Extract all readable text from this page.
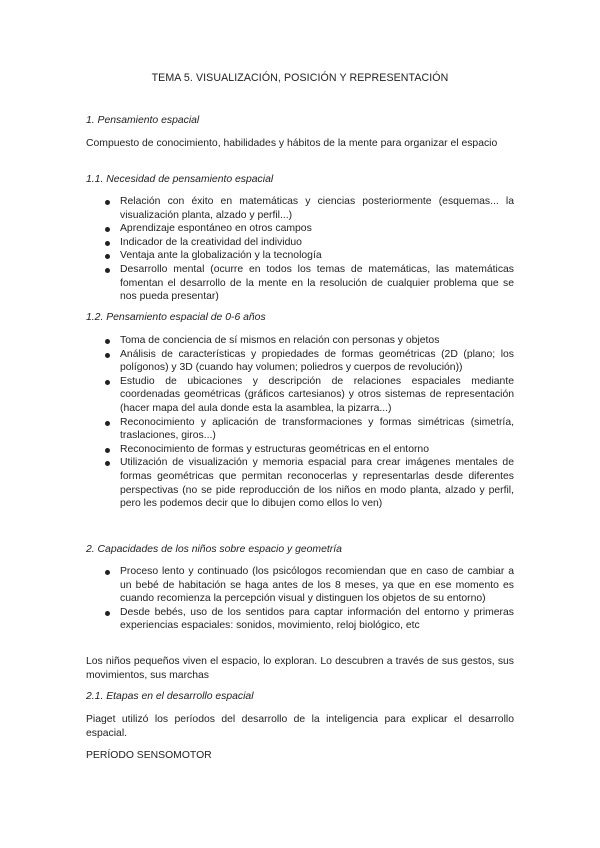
TEMA 5. VISUALIZACIÓN, POSICIÓN Y REPRESENTACIÓN
1. Pensamiento espacial
Compuesto de conocimiento, habilidades y hábitos de la mente para organizar el espacio
1.1. Necesidad de pensamiento espacial
Relación con éxito en matemáticas y ciencias posteriormente (esquemas... la visualización planta, alzado y perfil...)
Aprendizaje espontáneo en otros campos
Indicador de la creatividad del individuo
Ventaja ante la globalización y la tecnología
Desarrollo mental (ocurre en todos los temas de matemáticas, las matemáticas fomentan el desarrollo de la mente en la resolución de cualquier problema que se nos pueda presentar)
1.2. Pensamiento espacial de 0-6 años
Toma de conciencia de sí mismos en relación con personas y objetos
Análisis de características y propiedades de formas geométricas (2D (plano; los polígonos) y 3D (cuando hay volumen; poliedros y cuerpos de revolución))
Estudio de ubicaciones y descripción de relaciones espaciales mediante coordenadas geométricas (gráficos cartesianos) y otros sistemas de representación (hacer mapa del aula donde esta la asamblea, la pizarra...)
Reconocimiento y aplicación de transformaciones y formas simétricas (simetría, traslaciones, giros...)
Reconocimiento de formas y estructuras geométricas en el entorno
Utilización de visualización y memoria espacial para crear imágenes mentales de formas geométricas que permitan reconocerlas y representarlas desde diferentes perspectivas (no se pide reproducción de los niños en modo planta, alzado y perfil, pero les podemos decir que lo dibujen como ellos lo ven)
2. Capacidades de los niños sobre espacio y geometría
Proceso lento y continuado (los psicólogos recomiendan que en caso de cambiar a un bebé de habitación se haga antes de los 8 meses, ya que en ese momento es cuando recomienza la percepción visual y distinguen los objetos de su entorno)
Desde bebés, uso de los sentidos para captar información del entorno y primeras experiencias espaciales: sonidos, movimiento, reloj biológico, etc
Los niños pequeños viven el espacio, lo exploran. Lo descubren a través de sus gestos, sus movimientos, sus marchas
2.1. Etapas en el desarrollo espacial
Piaget utilizó los períodos del desarrollo de la inteligencia para explicar el desarrollo espacial.
PERÍODO SENSOMOTOR
